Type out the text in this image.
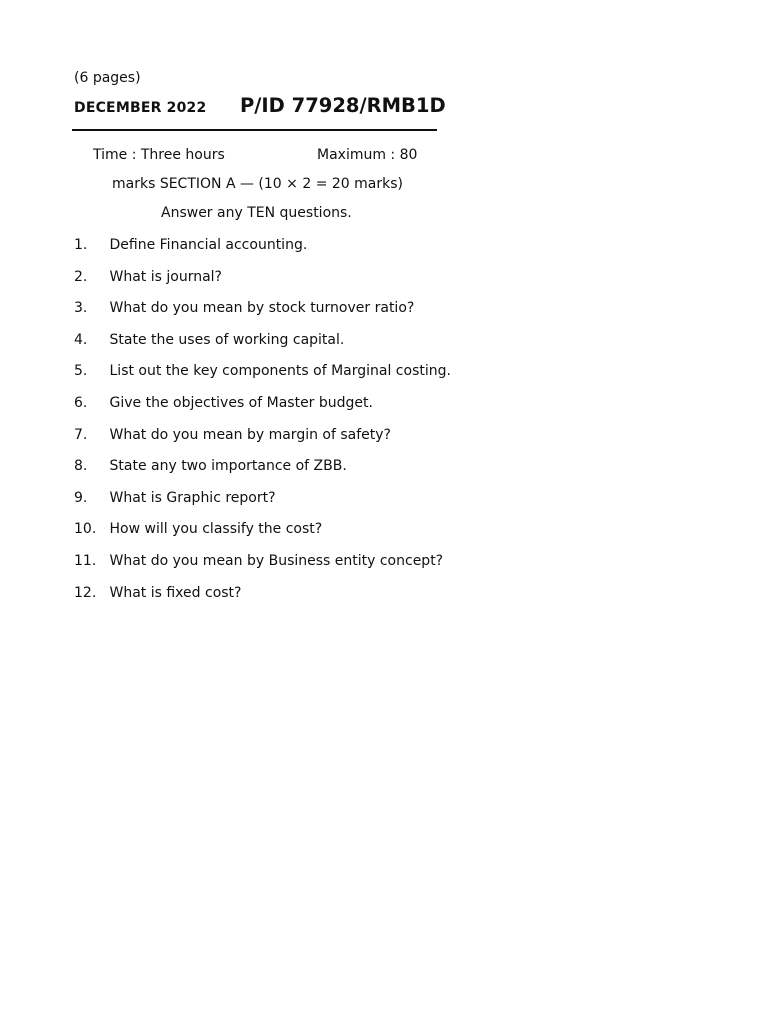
(6 pages)
DECEMBER 2022 P/ID 77928/RMB1D
Time : Three hours	Maximum : 80
marks SECTION A — (10 × 2 = 20 marks)
Answer any TEN questions.
1.	Define Financial accounting.
2.	What is journal?
3.	What do you mean by stock turnover ratio?
4.	State the uses of working capital.
5.	List out the key components of Marginal costing.
6.	Give the objectives of Master budget.
7.	What do you mean by margin of safety?
8.	State any two importance of ZBB.
9.	What is Graphic report?
10. How will you classify the cost?
11. What do you mean by Business entity concept?
12. What is fixed cost?
